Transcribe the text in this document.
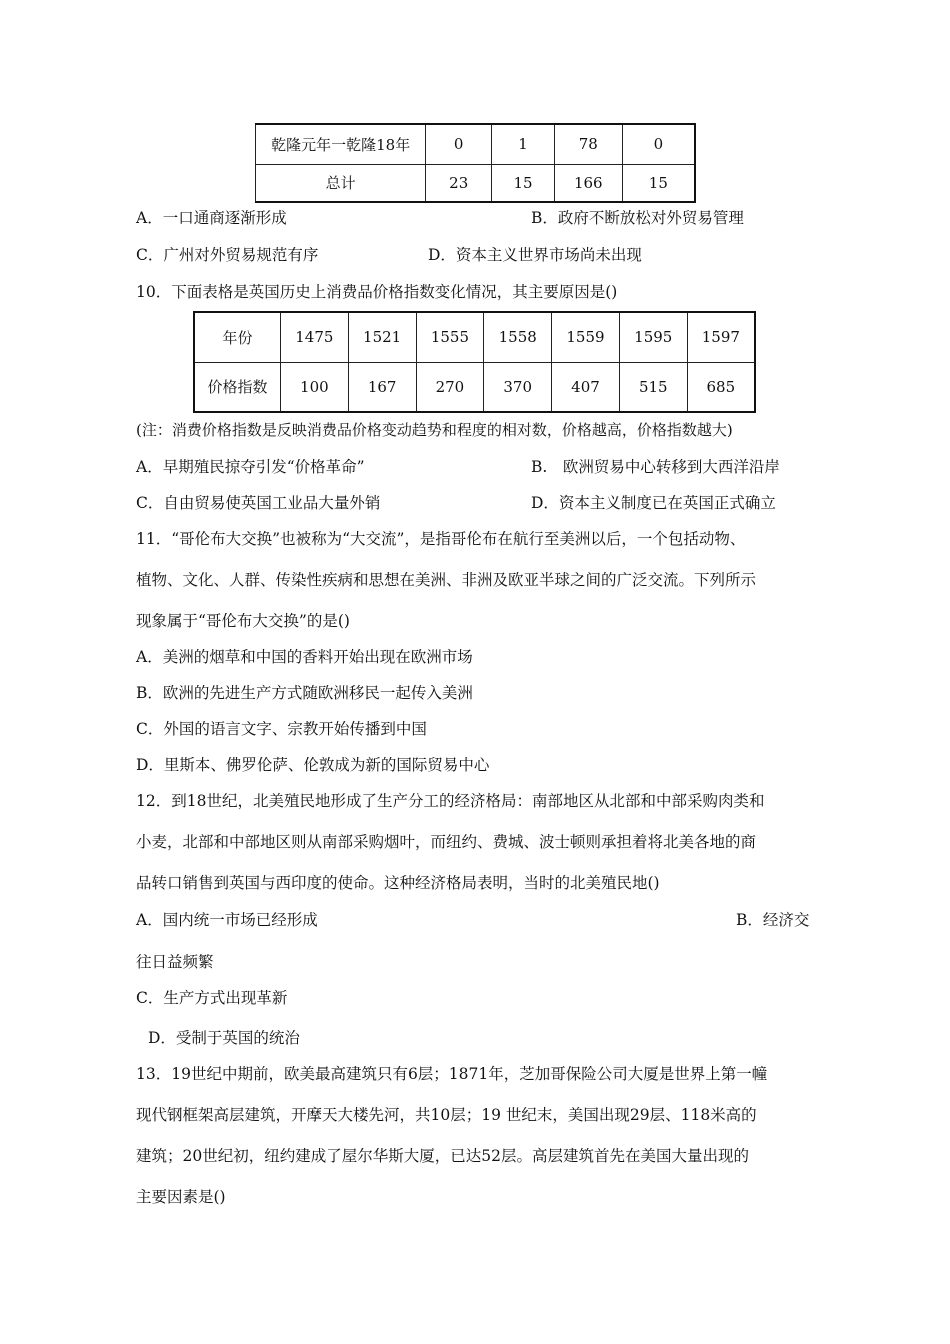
乾隆元年一乾隆18年	0	1	78	0
总计	23	15	166	15
A．一口通商逐渐形成	B．政府不断放松对外贸易管理
C．广州对外贸易规范有序	D．资本主义世界市场尚未出现
10．下面表格是英国历史上消费品价格指数变化情况，其主要原因是()
年份	1475	1521	1555	1558	1559	1595	1597
价格指数	100	167	270	370	407	515	685
(注：消费价格指数是反映消费品价格变动趋势和程度的相对数，价格越高，价格指数越大)
A．早期殖民掠夺引发“价格革命”	B.　欧洲贸易中心转移到大西洋沿岸
C．自由贸易使英国工业品大量外销	D．资本主义制度已在英国正式确立
11．“哥伦布大交换”也被称为“大交流”，是指哥伦布在航行至美洲以后，一个包括动物、
植物、文化、人群、传染性疾病和思想在美洲、非洲及欧亚半球之间的广泛交流。下列所示
现象属于“哥伦布大交换”的是()
A．美洲的烟草和中国的香料开始出现在欧洲市场
B．欧洲的先进生产方式随欧洲移民一起传入美洲
C．外国的语言文字、宗教开始传播到中国
D．里斯本、佛罗伦萨、伦敦成为新的国际贸易中心
12．到18世纪，北美殖民地形成了生产分工的经济格局：南部地区从北部和中部采购肉类和
小麦，北部和中部地区则从南部采购烟叶，而纽约、费城、波士顿则承担着将北美各地的商
品转口销售到英国与西印度的使命。这种经济格局表明，当时的北美殖民地()
A．国内统一市场已经形成	B．经济交
往日益频繁
C．生产方式出现革新
D．受制于英国的统治
13．19世纪中期前，欧美最高建筑只有6层；1871年，芝加哥保险公司大厦是世界上第一幢
现代钢框架高层建筑，开摩天大楼先河，共10层；19 世纪末，美国出现29层、118米高的
建筑；20世纪初，纽约建成了屋尔华斯大厦，已达52层。高层建筑首先在美国大量出现的
主要因素是()
